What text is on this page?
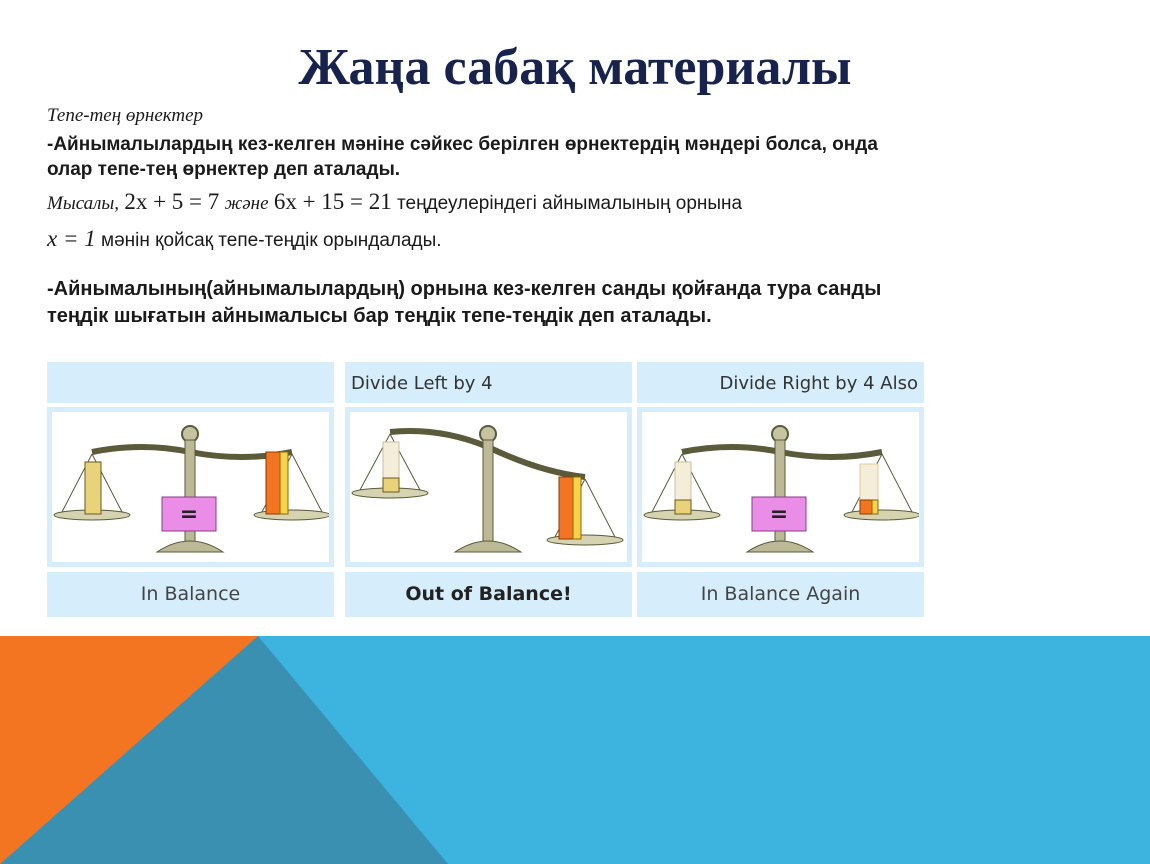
Жаңа сабақ материалы
Тепе-тең өрнектер
-Айнымалылардың кез-келген мәніне сәйкес берілген өрнектердің мәндері болса, онда олар тепе-тең өрнектер деп аталады.
Мысалы, 2x + 5 = 7 және 6x + 15 = 21 теңдеулеріндегі айнымалының орнына
x = 1 мәнін қойсақ тепе-теңдік орындалады.
-Айнымалының(айнымалылардың) орнына кез-келген санды қойғанда тура санды теңдік шығатын айнымалысы бар теңдік тепе-теңдік деп аталады.
=
In Balance
Divide Left by 4
Out of Balance!
Divide Right by 4 Also
=
In Balance Again
